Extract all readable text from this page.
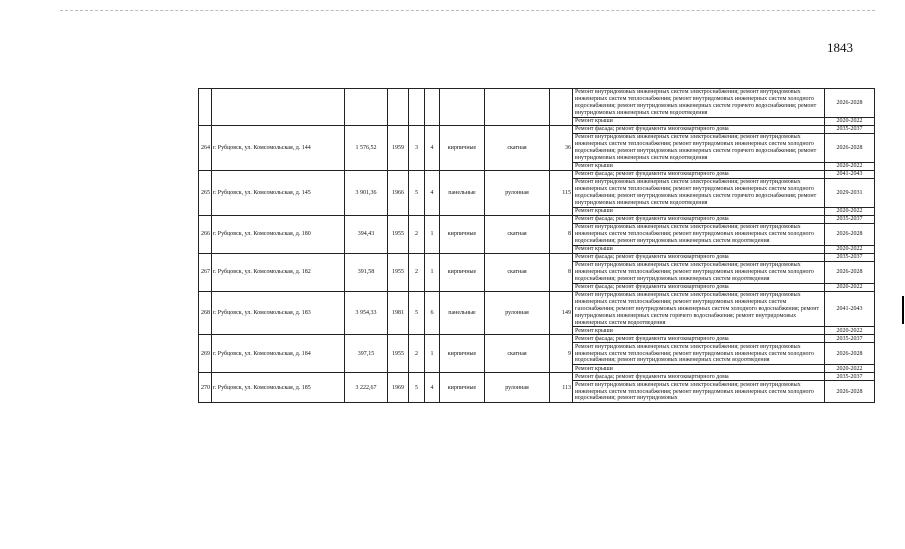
1843
									Ремонт внутридомовых инженерных систем электроснабжения; ремонт внутридомовых инженерных систем теплоснабжения; ремонт внутридомовых инженерных систем холодного водоснабжения; ремонт внутридомовых инженерных систем горячего водоснабжения; ремонт внутридомовых инженерных систем водоотведения	2026-2028
									Ремонт крыши	2020-2022
264	г. Рубцовск, ул. Комсомольская, д. 144	1 576,52	1959	3	4	кирпичные	скатная	36	Ремонт фасада; ремонт фундамента многоквартирного дома	2035-2037
									Ремонт внутридомовых инженерных систем электроснабжения; ремонт внутридомовых инженерных систем теплоснабжения; ремонт внутридомовых инженерных систем холодного водоснабжения; ремонт внутридомовых инженерных систем горячего водоснабжения; ремонт внутридомовых инженерных систем водоотведения	2026-2028
									Ремонт крыши	2020-2022
265	г. Рубцовск, ул. Комсомольская, д. 145	3 901,36	1966	5	4	панельные	рулонная	115	Ремонт фасада; ремонт фундамента многоквартирного дома	2041-2043
									Ремонт внутридомовых инженерных систем электроснабжения; ремонт внутридомовых инженерных систем теплоснабжения; ремонт внутридомовых инженерных систем холодного водоснабжения; ремонт внутридомовых инженерных систем горячего водоснабжения; ремонт внутридомовых инженерных систем водоотведения	2029-2031
									Ремонт крыши	2020-2022
266	г. Рубцовск, ул. Комсомольская, д. 180	394,43	1955	2	1	кирпичные	скатная	8	Ремонт фасада; ремонт фундамента многоквартирного дома	2035-2037
									Ремонт внутридомовых инженерных систем электроснабжения; ремонт внутридомовых инженерных систем теплоснабжения; ремонт внутридомовых инженерных систем холодного водоснабжения; ремонт внутридомовых инженерных систем водоотведения	2026-2028
									Ремонт крыши	2020-2022
267	г. Рубцовск, ул. Комсомольская, д. 182	391,58	1955	2	1	кирпичные	скатная	8	Ремонт фасада; ремонт фундамента многоквартирного дома	2035-2037
									Ремонт внутридомовых инженерных систем электроснабжения; ремонт внутридомовых инженерных систем теплоснабжения; ремонт внутридомовых инженерных систем холодного водоснабжения; ремонт внутридомовых инженерных систем водоотведения	2026-2028
									Ремонт фасада; ремонт фундамента многоквартирного дома	2020-2022
268	г. Рубцовск, ул. Комсомольская, д. 183	3 954,33	1981	5	6	панельные	рулонная	149	Ремонт внутридомовых инженерных систем электроснабжения; ремонт внутридомовых инженерных систем теплоснабжения; ремонт внутридомовых инженерных систем газоснабжения; ремонт внутридомовых инженерных систем холодного водоснабжения; ремонт внутридомовых инженерных систем горячего водоснабжения; ремонт внутридомовых инженерных систем водоотведения	2041-2043
									Ремонт крыши	2020-2022
269	г. Рубцовск, ул. Комсомольская, д. 184	397,15	1955	2	1	кирпичные	скатная	9	Ремонт фасада; ремонт фундамента многоквартирного дома	2035-2037
									Ремонт внутридомовых инженерных систем электроснабжения; ремонт внутридомовых инженерных систем теплоснабжения; ремонт внутридомовых инженерных систем холодного водоснабжения; ремонт внутридомовых инженерных систем водоотведения	2026-2028
									Ремонт крыши	2020-2022
270	г. Рубцовск, ул. Комсомольская, д. 185	3 222,67	1969	5	4	кирпичные	рулонная	113	Ремонт фасада; ремонт фундамента многоквартирного дома	2035-2037
									Ремонт внутридомовых инженерных систем электроснабжения; ремонт внутридомовых инженерных систем теплоснабжения; ремонт внутридомовых инженерных систем холодного водоснабжения; ремонт внутридомовых	2026-2028
